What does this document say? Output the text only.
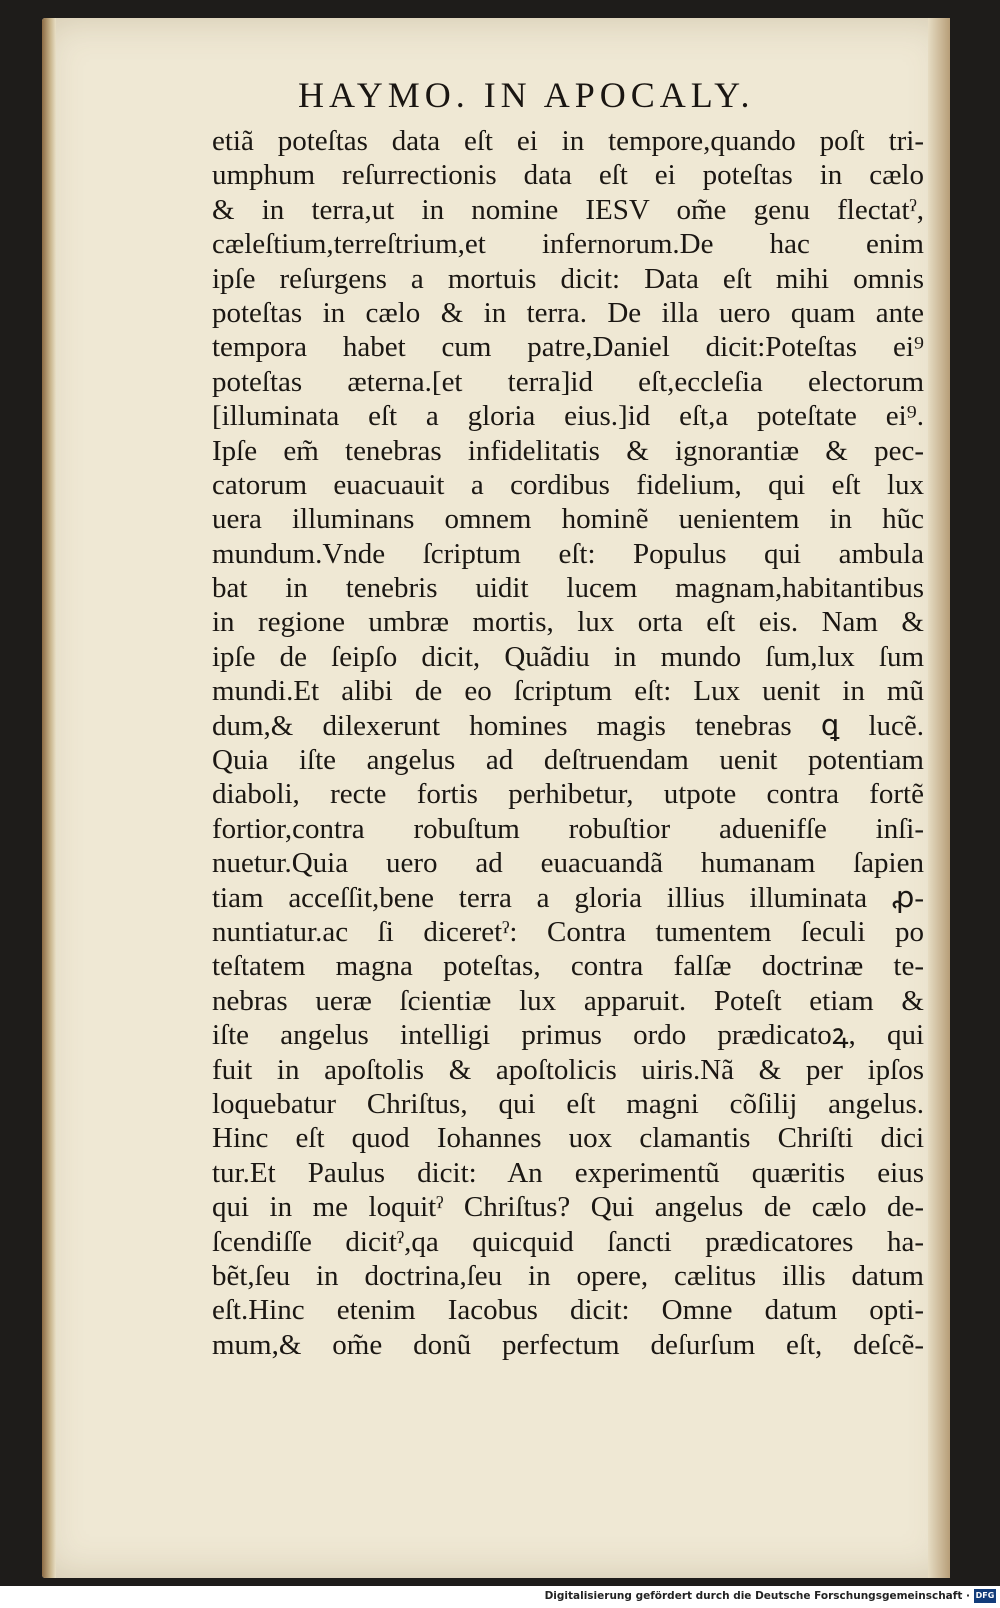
HAYMO. IN APOCALY.
etiã poteſtas data eſt ei in tempore,quando poſt tri-
umphum reſurrectionis data eſt ei poteſtas in cælo
& in terra,ut in nomine IESV om̃e genu flectatˀ,
cæleſtium,terreſtrium,et infernorum.De hac enim
ipſe reſurgens a mortuis dicit: Data eſt mihi omnis
poteſtas in cælo & in terra. De illa uero quam ante
tempora habet cum patre,Daniel dicit:Poteſtas ei⁹
poteſtas æterna.[et terra]id eſt,eccleſia electorum
[illuminata eſt a gloria eius.]id eſt,a poteſtate ei⁹.
Ipſe em̃ tenebras infidelitatis & ignorantiæ & pec-
catorum euacuauit a cordibus fidelium, qui eſt lux
uera illuminans omnem hominẽ uenientem in hũc
mundum.Vnde ſcriptum eſt: Populus qui ambula
bat in tenebris uidit lucem magnam,habitantibus
in regione umbræ mortis, lux orta eſt eis. Nam &
ipſe de ſeipſo dicit, Quãdiu in mundo ſum,lux ſum
mundi.Et alibi de eo ſcriptum eſt: Lux uenit in mũ
dum,& dilexerunt homines magis tenebras ꝗ lucẽ.
Quia iſte angelus ad deſtruendam uenit potentiam
diaboli, recte fortis perhibetur, utpote contra fortẽ
fortior,contra robuſtum robuſtior aduenifſe inſi-
nuetur.Quia uero ad euacuandã humanam ſapien
tiam acceſſit,bene terra a gloria illius illuminata ꝓ-
nuntiatur.ac ſi diceretˀ: Contra tumentem ſeculi po
teſtatem magna poteſtas, contra falſæ doctrinæ te-
nebras ueræ ſcientiæ lux apparuit. Poteſt etiam &
iſte angelus intelligi primus ordo prædicatoꝝ, qui
fuit in apoſtolis & apoſtolicis uiris.Nã & per ipſos
loquebatur Chriſtus, qui eſt magni cõſilij angelus.
Hinc eſt quod Iohannes uox clamantis Chriſti dici
tur.Et Paulus dicit: An experimentũ quæritis eius
qui in me loquitˀ Chriſtus? Qui angelus de cælo de-
ſcendiſſe dicitˀ,qa quicquid ſancti prædicatores ha-
bẽt,ſeu in doctrina,ſeu in opere, cælitus illis datum
eſt.Hinc etenim Iacobus dicit: Omne datum opti-
mum,& om̃e donũ perfectum deſurſum eſt, deſcẽ-
Digitalisierung gefördert durch die Deutsche Forschungsgemeinschaft · DFG
